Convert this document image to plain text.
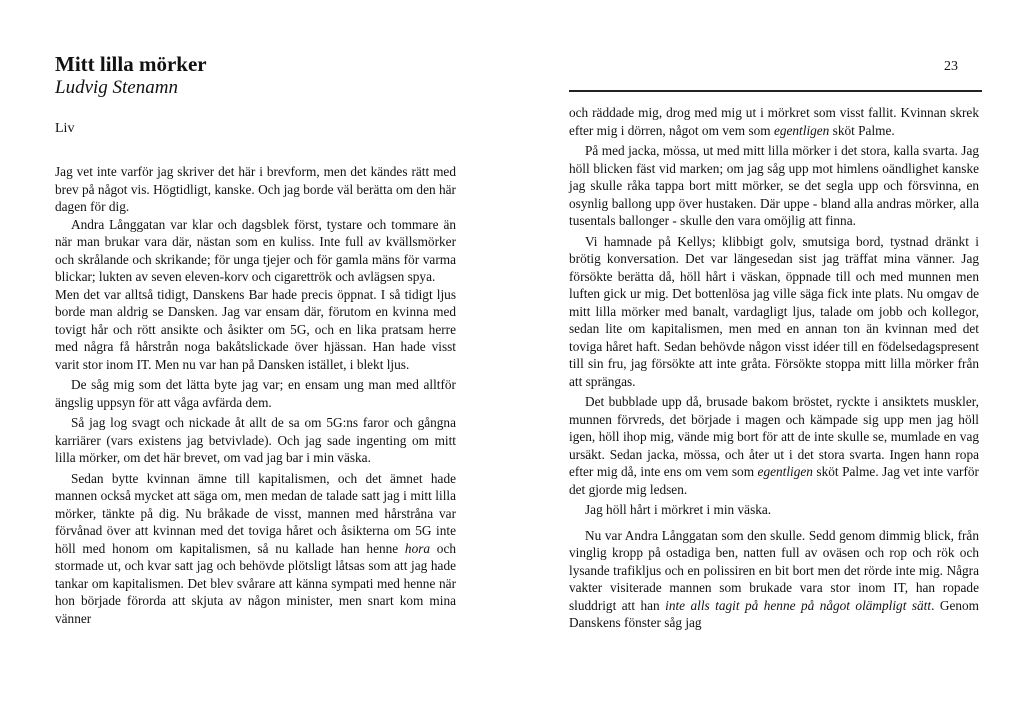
Mitt lilla mörker
Ludvig Stenamn
Liv

Jag vet inte varför jag skriver det här i brevform, men det kändes rätt med brev på något vis. Högtidligt, kanske. Och jag borde väl berätta om den här dagen för dig.

Andra Långgatan var klar och dagsblek först, tystare och tommare än när man brukar vara där, nästan som en kuliss. Inte full av kvällsmörker och skrålande och skrikande; för unga tjejer och för gamla mäns för varma blickar; lukten av seven eleven-korv och cigarettrök och avlägsen spya.

Men det var alltså tidigt, Danskens Bar hade precis öppnat. I så tidigt ljus borde man aldrig se Dansken. Jag var ensam där, förutom en kvinna med tovigt hår och rött ansikte och åsikter om 5G, och en lika pratsam herre med några få hårstrån noga bakåtslickade över hjässan. Han hade visst varit stor inom IT. Men nu var han på Dansken istället, i blekt ljus.

De såg mig som det lätta byte jag var; en ensam ung man med alltför ängslig uppsyn för att våga avfärda dem.

Så jag log svagt och nickade åt allt de sa om 5G:ns faror och gångna karriärer (vars existens jag betvivlade). Och jag sade ingenting om mitt lilla mörker, om det här brevet, om vad jag bar i min väska.

Sedan bytte kvinnan ämne till kapitalismen, och det ämnet hade mannen också mycket att säga om, men medan de talade satt jag i mitt lilla mörker, tänkte på dig. Nu bråkade de visst, mannen med hårstråna var förvånad över att kvinnan med det toviga håret och åsikterna om 5G inte höll med honom om kapitalismen, så nu kallade han henne hora och stormade ut, och kvar satt jag och behövde plötsligt låtsas som att jag hade tankar om kapitalismen. Det blev svårare att känna sympati med henne när hon började förorda att skjuta av någon minister, men snart kom mina vänner

23

och räddade mig, drog med mig ut i mörkret som visst fallit. Kvinnan skrek efter mig i dörren, något om vem som egentligen sköt Palme.

På med jacka, mössa, ut med mitt lilla mörker i det stora, kalla svarta. Jag höll blicken fäst vid marken; om jag såg upp mot himlens oändlighet kanske jag skulle råka tappa bort mitt mörker, se det segla upp och försvinna, en osynlig ballong upp över hustaken. Där uppe - bland alla andras mörker, alla tusentals ballonger - skulle den vara omöjlig att finna.

Vi hamnade på Kellys; klibbigt golv, smutsiga bord, tystnad dränkt i brötig konversation. Det var längesedan sist jag träffat mina vänner. Jag försökte berätta då, höll hårt i väskan, öppnade till och med munnen men luften gick ur mig. Det bottenlösa jag ville säga fick inte plats. Nu omgav de mitt lilla mörker med banalt, vardagligt ljus, talade om jobb och kollegor, sedan lite om kapitalismen, men med en annan ton än kvinnan med det toviga håret haft. Sedan behövde någon visst idéer till en födelsedagspresent till sin fru, jag försökte att inte gråta. Försökte stoppa mitt lilla mörker från att sprängas.

Det bubblade upp då, brusade bakom bröstet, ryckte i ansiktets muskler, munnen förvreds, det började i magen och kämpade sig upp men jag höll igen, höll ihop mig, vände mig bort för att de inte skulle se, mumlade en vag ursäkt. Sedan jacka, mössa, och åter ut i det stora svarta. Ingen hann ropa efter mig då, inte ens om vem som egentligen sköt Palme. Jag vet inte varför det gjorde mig ledsen.

Jag höll hårt i mörkret i min väska.

Nu var Andra Långgatan som den skulle. Sedd genom dimmig blick, från vinglig kropp på ostadiga ben, natten full av oväsen och rop och rök och lysande trafikljus och en polissiren en bit bort men det rörde inte mig. Några vakter visiterade mannen som brukade vara stor inom IT, han ropade sluddrigt att han inte alls tagit på henne på något olämpligt sätt. Genom Danskens fönster såg jag
